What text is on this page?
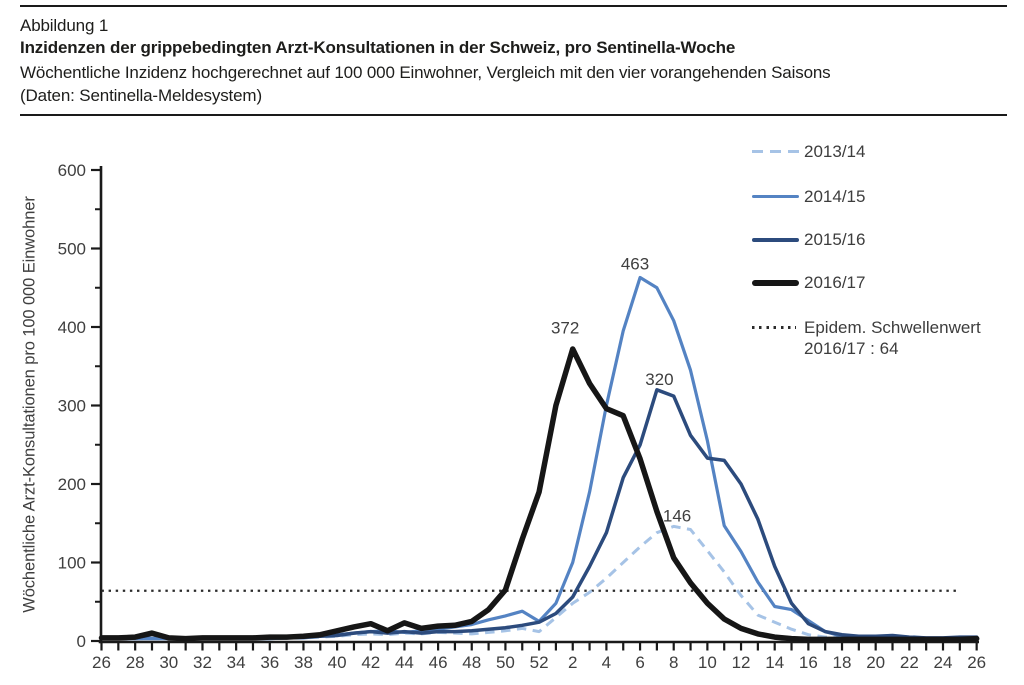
Abbildung 1
Inzidenzen der grippebedingten Arzt-Konsultationen in der Schweiz, pro Sentinella-Woche
Wöchentliche Inzidenz hochgerechnet auf 100 000 Einwohner, Vergleich mit den vier vorangehenden Saisons
(Daten: Sentinella-Meldesystem)
Wöchentliche Arzt-Konsultationen pro 100 000 Einwohner
0
100
200
300
400
500
600
26 28 30 32 34 36 38 40 42 44 46 48 50 52 2 4 6 8 10 12 14 16 18 20 22 24 26
463
372
320
146
2013/14
2014/15
2015/16
2016/17
Epidem. Schwellenwert
2016/17 : 64
